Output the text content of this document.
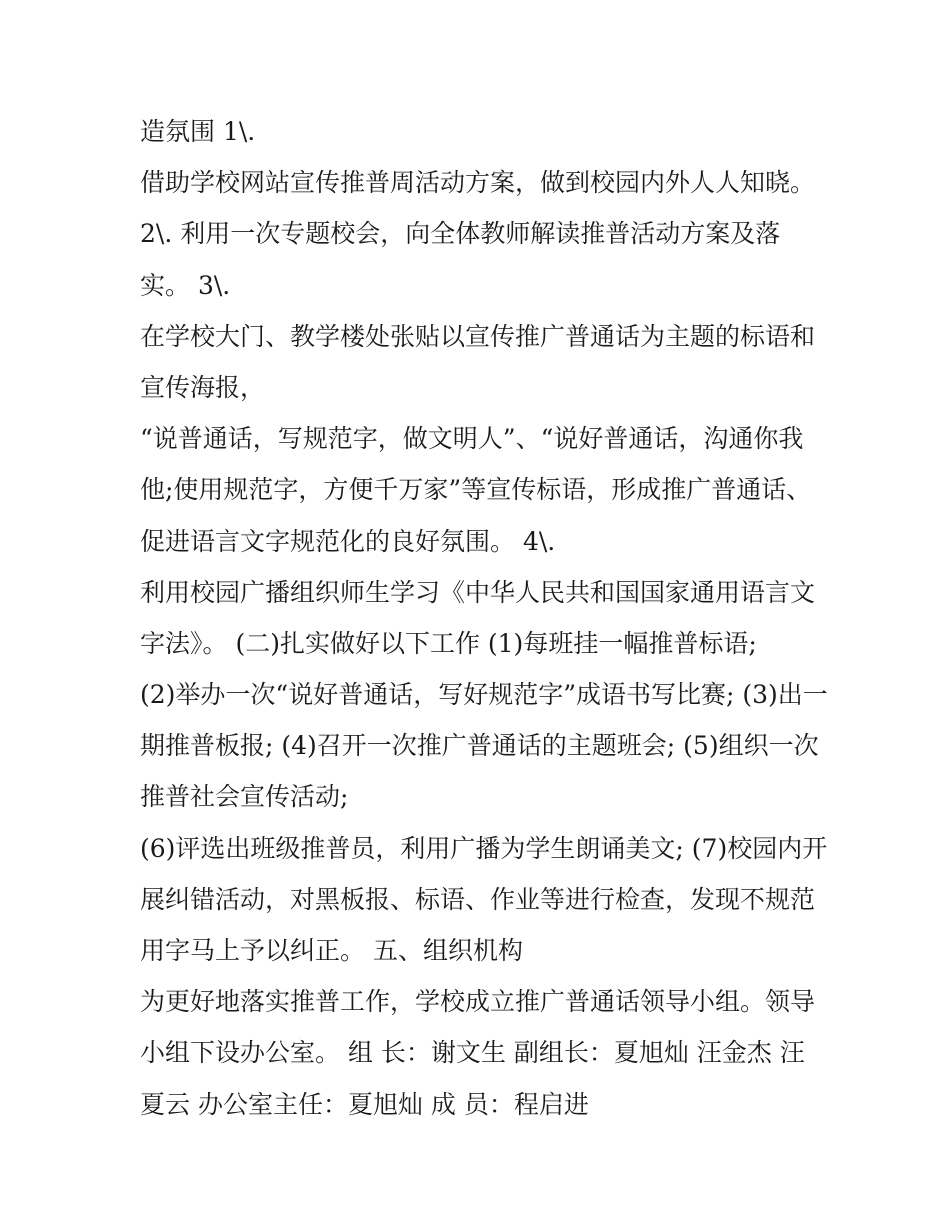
造氛围 1\.
借助学校网站宣传推普周活动方案，做到校园内外人人知晓。
2\. 利用一次专题校会，向全体教师解读推普活动方案及落
实。 3\.
在学校大门、教学楼处张贴以宣传推广普通话为主题的标语和
宣传海报，
“说普通话，写规范字，做文明人”、“说好普通话，沟通你我
他;使用规范字，方便千万家”等宣传标语，形成推广普通话、
促进语言文字规范化的良好氛围。 4\.
利用校园广播组织师生学习《中华人民共和国国家通用语言文
字法》。 (二)扎实做好以下工作 (1)每班挂一幅推普标语;
(2)举办一次“说好普通话，写好规范字”成语书写比赛; (3)出一
期推普板报; (4)召开一次推广普通话的主题班会; (5)组织一次
推普社会宣传活动;
(6)评选出班级推普员，利用广播为学生朗诵美文; (7)校园内开
展纠错活动，对黑板报、标语、作业等进行检查，发现不规范
用字马上予以纠正。 五、组织机构
为更好地落实推普工作，学校成立推广普通话领导小组。领导
小组下设办公室。 组 长：谢文生 副组长：夏旭灿 汪金杰 汪
夏云 办公室主任：夏旭灿 成 员：程启进
